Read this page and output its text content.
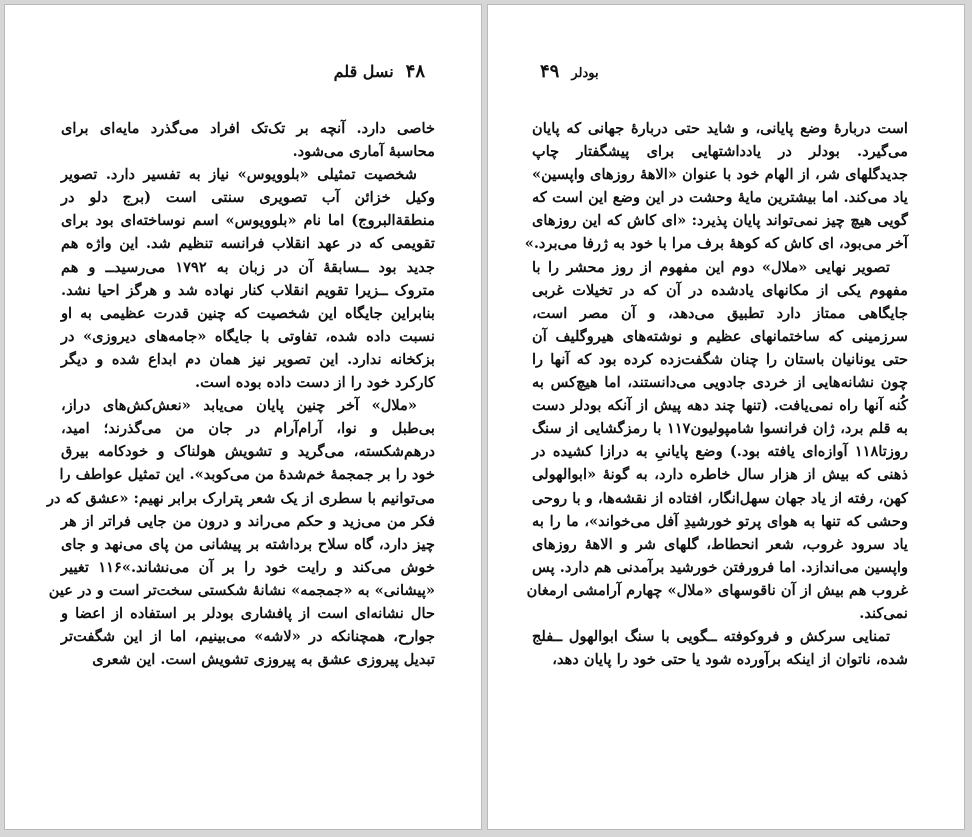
۴۸نسل قلم
خاصی دارد. آنچه بر تک‌تک افراد می‌گذرد مایه‌ای برای
محاسبهٔ آماری می‌شود.
شخصیت تمثیلی «بلوویوس» نیاز به تفسیر دارد. تصویر
وکیل خزائن آب تصویری سنتی است (برج دلو در
منطقةالبروج) اما نام «بلوویوس» اسم نوساخته‌ای بود برای
تقویمی که در عهد انقلاب فرانسه تنظیم شد. این واژه هم
جدید بود ــسابقهٔ آن در زبان به ۱۷۹۲ می‌رسیدــ و هم
متروک ــزیرا تقویم انقلاب کنار نهاده شد و هرگز احیا نشد.
بنابراین جایگاه این شخصیت که چنین قدرت عظیمی به او
نسبت داده شده، تفاوتی با جایگاه «جامه‌های دیروزی» در
بزکخانه ندارد. این تصویر نیز همان دم ابداع شده و دیگر
کارکرد خود را از دست داده بوده است.
«ملال» آخر چنین پایان می‌یابد «نعش‌کش‌های دراز،
بی‌طبل و نوا، آرام‌آرام در جان من می‌گذرند؛ امید،
درهم‌شکسته، می‌گرید و تشویش هولناک و خودکامه بیرق
خود را بر جمجمهٔ خم‌شدهٔ من می‌کوبد». این تمثیل عواطف را
می‌توانیم با سطری از یک شعر پترارک برابر نهیم: «عشق که در
فکر من می‌زید و حکم می‌راند و درون من جایی فراتر از هر
چیز دارد، گاه سلاح برداشته بر پیشانی من پای می‌نهد و جای
خوش می‌کند و رایت خود را بر آن می‌نشاند.»۱۱۶ تغییر
«پیشانی» به «جمجمه» نشانهٔ شکستی سخت‌تر است و در عین
حال نشانه‌ای است از پافشاری بودلر بر استفاده از اعضا و
جوارح، همچنانکه در «لاشه» می‌بینیم، اما از این شگفت‌تر
تبدیل پیروزی عشق به پیروزی تشویش است. این شعری
بودلر۴۹
است دربارهٔ وضع پایانی، و شاید حتی دربارهٔ جهانی که پایان
می‌گیرد. بودلر در یادداشتهایی برای پیشگفتار چاپ
جدیدگلهای شر، از الهام خود با عنوان «الاههٔ روزهای واپسین»
یاد می‌کند. اما بیشترین مایهٔ وحشت در این وضع این است که
گویی هیچ چیز نمی‌تواند پایان پذیرد: «ای کاش که این روزهای
آخر می‌بود، ای کاش که کوههٔ برف مرا با خود به ژرفا می‌برد.»
تصویر نهایی «ملال» دوم این مفهوم از روز محشر را با
مفهوم یکی از مکانهای یادشده در آن که در تخیلات غربی
جایگاهی ممتاز دارد تطبیق می‌دهد، و آن مصر است،
سرزمینی که ساختمانهای عظیم و نوشته‌های هیروگلیف آن
حتی یونانیان باستان را چنان شگفت‌زده کرده بود که آنها را
چون نشانه‌هایی از خردی جادویی می‌دانستند، اما هیچ‌کس به
کُنه آنها راه نمی‌یافت. (تنها چند دهه پیش از آنکه بودلر دست
به قلم برد، ژان فرانسوا شامپولیون۱۱۷ با رمزگشایی از سنگ
روزتا۱۱۸ آوازه‌ای یافته بود.) وضع پایانیِ به درازا کشیده در
ذهنی که بیش از هزار سال خاطره دارد، به گونهٔ «ابوالهولی
کهن، رفته از یاد جهان سهل‌انگار، افتاده از نقشه‌ها، و با روحی
وحشی که تنها به هوای پرتو خورشیدِ آفل می‌خواند»، ما را به
یاد سرود غروب، شعر انحطاط، گلهای شر و الاههٔ روزهای
واپسین می‌اندازد. اما فرورفتن خورشید برآمدنی هم دارد. پس
غروب هم بیش از آن ناقوسهای «ملال» چهارم آرامشی ارمغان
نمی‌کند.
تمنایی سرکش و فروکوفته ــگویی با سنگ ابوالهول ــفلج
شده، ناتوان از اینکه برآورده شود یا حتی خود را پایان دهد،
